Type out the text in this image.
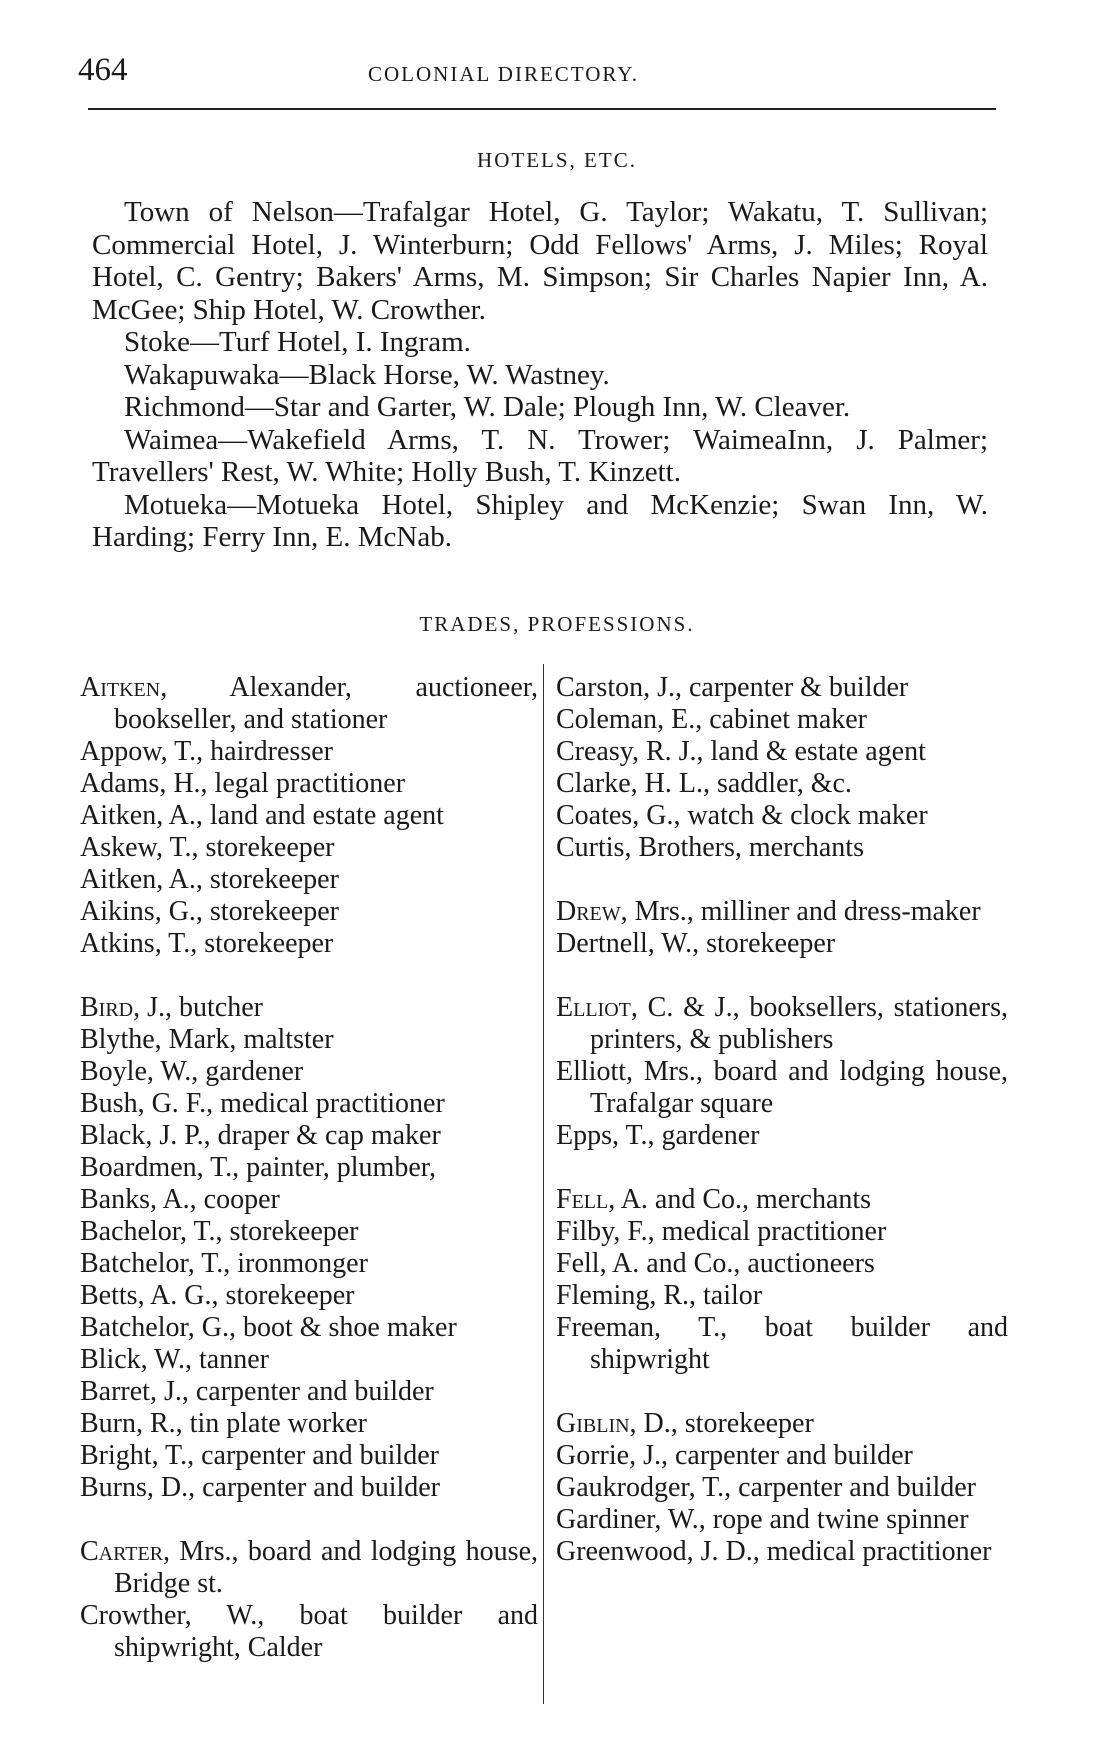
464	COLONIAL DIRECTORY.
HOTELS, ETC.

Town of Nelson—Trafalgar Hotel, G. Taylor; Wakatu, T. Sullivan; Commercial Hotel, J. Winterburn; Odd Fellows' Arms, J. Miles; Royal Hotel, C. Gentry; Bakers' Arms, M. Simpson; Sir Charles Napier Inn, A. McGee; Ship Hotel, W. Crowther.

Stoke—Turf Hotel, I. Ingram.

Wakapuwaka—Black Horse, W. Wastney.

Richmond—Star and Garter, W. Dale; Plough Inn, W. Cleaver.

Waimea—Wakefield Arms, T. N. Trower; WaimeaInn, J. Palmer; Travellers' Rest, W. White; Holly Bush, T. Kinzett.

Motueka—Motueka Hotel, Shipley and McKenzie; Swan Inn, W. Harding; Ferry Inn, E. McNab.

TRADES, PROFESSIONS.
Aitken, Alexander, auctioneer, bookseller, and stationer
Appow, T., hairdresser
Adams, H., legal practitioner
Aitken, A., land and estate agent
Askew, T., storekeeper
Aitken, A., storekeeper
Aikins, G., storekeeper
Atkins, T., storekeeper
Bird, J., butcher
Blythe, Mark, maltster
Boyle, W., gardener
Bush, G. F., medical practitioner
Black, J. P., draper & cap maker
Boardmen, T., painter, plumber,
Banks, A., cooper
Bachelor, T., storekeeper
Batchelor, T., ironmonger
Betts, A. G., storekeeper
Batchelor, G., boot & shoe maker
Blick, W., tanner
Barret, J., carpenter and builder
Burn, R., tin plate worker
Bright, T., carpenter and builder
Burns, D., carpenter and builder
Carter, Mrs., board and lodging house, Bridge st.
Crowther, W., boat builder and shipwright, Calder
Carston, J., carpenter & builder
Coleman, E., cabinet maker
Creasy, R. J., land & estate agent
Clarke, H. L., saddler, &c.
Coates, G., watch & clock maker
Curtis, Brothers, merchants
Drew, Mrs., milliner and dress-maker
Dertnell, W., storekeeper
Elliot, C. & J., booksellers, stationers, printers, & publishers
Elliott, Mrs., board and lodging house, Trafalgar square
Epps, T., gardener
Fell, A. and Co., merchants
Filby, F., medical practitioner
Fell, A. and Co., auctioneers
Fleming, R., tailor
Freeman, T., boat builder and shipwright
Giblin, D., storekeeper
Gorrie, J., carpenter and builder
Gaukrodger, T., carpenter and builder
Gardiner, W., rope and twine spinner
Greenwood, J. D., medical practitioner
